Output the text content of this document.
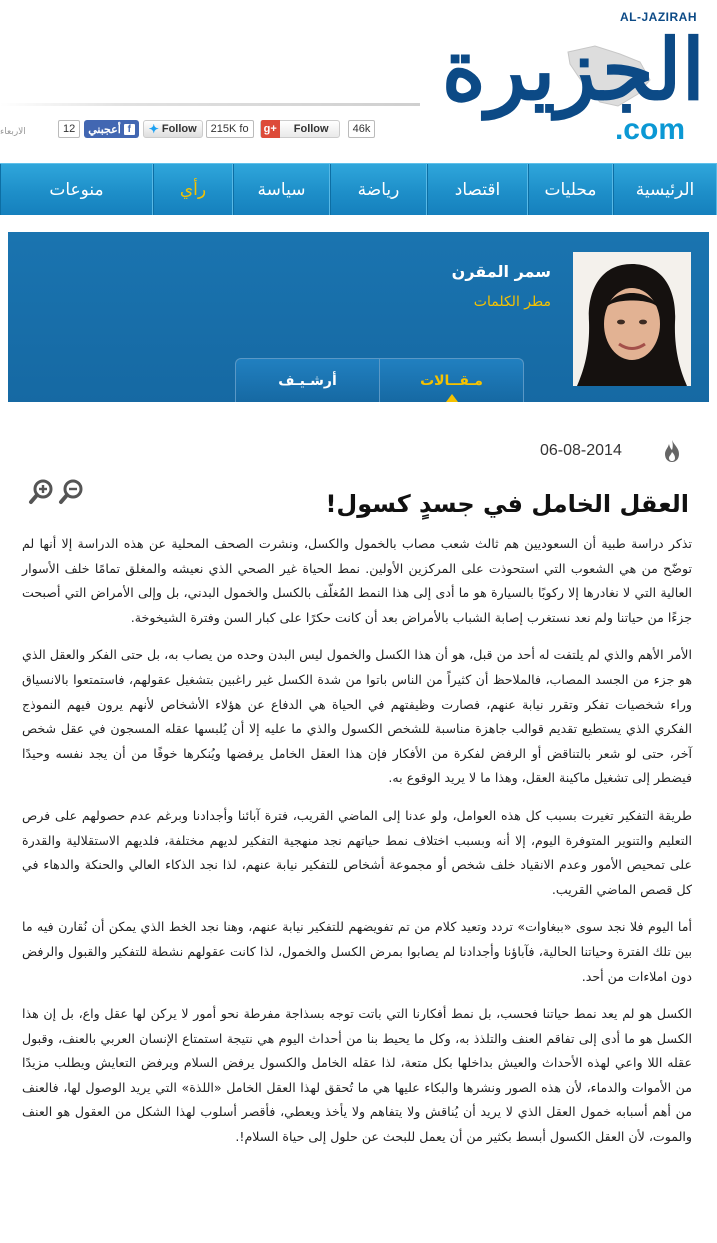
الاربعاء
AL-JAZIRAH
الجزيرة
.com
12	أعجبني f	✦ Follow	215K fo	g+ Follow	46k
الرئيسية
محليات
اقتصاد
رياضة
سياسة
رأي
منوعات
سمر المقرن
مطر الكلمات
مـقــالات
أرشـيـف
06-08-2014
العقل الخامل في جسدٍ كسول!

تذكر دراسة طبية أن السعوديين هم ثالث شعب مصاب بالخمول والكسل، ونشرت الصحف المحلية عن هذه الدراسة إلا أنها لم توضّح من هي الشعوب التي استحوذت على المركزين الأولين. نمط الحياة غير الصحي الذي نعيشه والمغلق تمامًا خلف الأسوار العالية التي لا نغادرها إلا ركوبًا بالسيارة هو ما أدى إلى هذا النمط المُغلّف بالكسل والخمول البدني، بل وإلى الأمراض التي أصبحت جزءًا من حياتنا ولم نعد نستغرب إصابة الشباب بالأمراض بعد أن كانت حكرًا على كبار السن وفترة الشيخوخة.

الأمر الأهم والذي لم يلتفت له أحد من قبل، هو أن هذا الكسل والخمول ليس البدن وحده من يصاب به، بل حتى الفكر والعقل الذي هو جزء من الجسد المصاب، فالملاحظ أن كثيراً من الناس باتوا من شدة الكسل غير راغبين بتشغيل عقولهم، فاستمتعوا بالانسياق وراء شخصيات تفكر وتقرر نيابة عنهم، فصارت وظيفتهم في الحياة هي الدفاع عن هؤلاء الأشخاص لأنهم يرون فيهم النموذج الفكري الذي يستطيع تقديم قوالب جاهزة مناسبة للشخص الكسول والذي ما عليه إلا أن يُلبسها عقله المسجون في عقل شخص آخر، حتى لو شعر بالتناقض أو الرفض لفكرة من الأفكار فإن هذا العقل الخامل يرفضها ويُنكرها خوفًا من أن يجد نفسه وحيدًا فيضطر إلى تشغيل ماكينة العقل، وهذا ما لا يريد الوقوع به.

طريقة التفكير تغيرت بسبب كل هذه العوامل، ولو عدنا إلى الماضي القريب، فترة آبائنا وأجدادنا وبرغم عدم حصولهم على فرص التعليم والتنوير المتوفرة اليوم، إلا أنه وبسبب اختلاف نمط حياتهم نجد منهجية التفكير لديهم مختلفة، فلديهم الاستقلالية والقدرة على تمحيص الأمور وعدم الانقياد خلف شخص أو مجموعة أشخاص للتفكير نيابة عنهم، لذا نجد الذكاء العالي والحنكة والدهاء في كل قصص الماضي القريب.

أما اليوم فلا نجد سوى «ببغاوات» تردد وتعيد كلام من تم تفويضهم للتفكير نيابة عنهم، وهنا نجد الخط الذي يمكن أن نُقارن فيه ما بين تلك الفترة وحياتنا الحالية، فآباؤنا وأجدادنا لم يصابوا بمرض الكسل والخمول، لذا كانت عقولهم نشطة للتفكير والقبول والرفض دون املاءات من أحد.

الكسل هو لم يعد نمط حياتنا فحسب، بل نمط أفكارنا التي باتت توجه بسذاجة مفرطة نحو أمور لا يركن لها عقل واع، بل إن هذا الكسل هو ما أدى إلى تفاقم العنف والتلذذ به، وكل ما يحيط بنا من أحداث اليوم هي نتيجة استمتاع الإنسان العربي بالعنف، وقبول عقله اللا واعي لهذه الأحداث والعيش بداخلها بكل متعة، لذا عقله الخامل والكسول يرفض السلام ويرفض التعايش ويطلب مزيدًا من الأموات والدماء، لأن هذه الصور ونشرها والبكاء عليها هي ما تُحقق لهذا العقل الخامل «اللذة» التي يريد الوصول لها، فالعنف من أهم أسبابه خمول العقل الذي لا يريد أن يُناقش ولا يتفاهم ولا يأخذ ويعطي، فأقصر أسلوب لهذا الشكل من العقول هو العنف والموت، لأن العقل الكسول أبسط بكثير من أن يعمل للبحث عن حلول إلى حياة السلام!.
